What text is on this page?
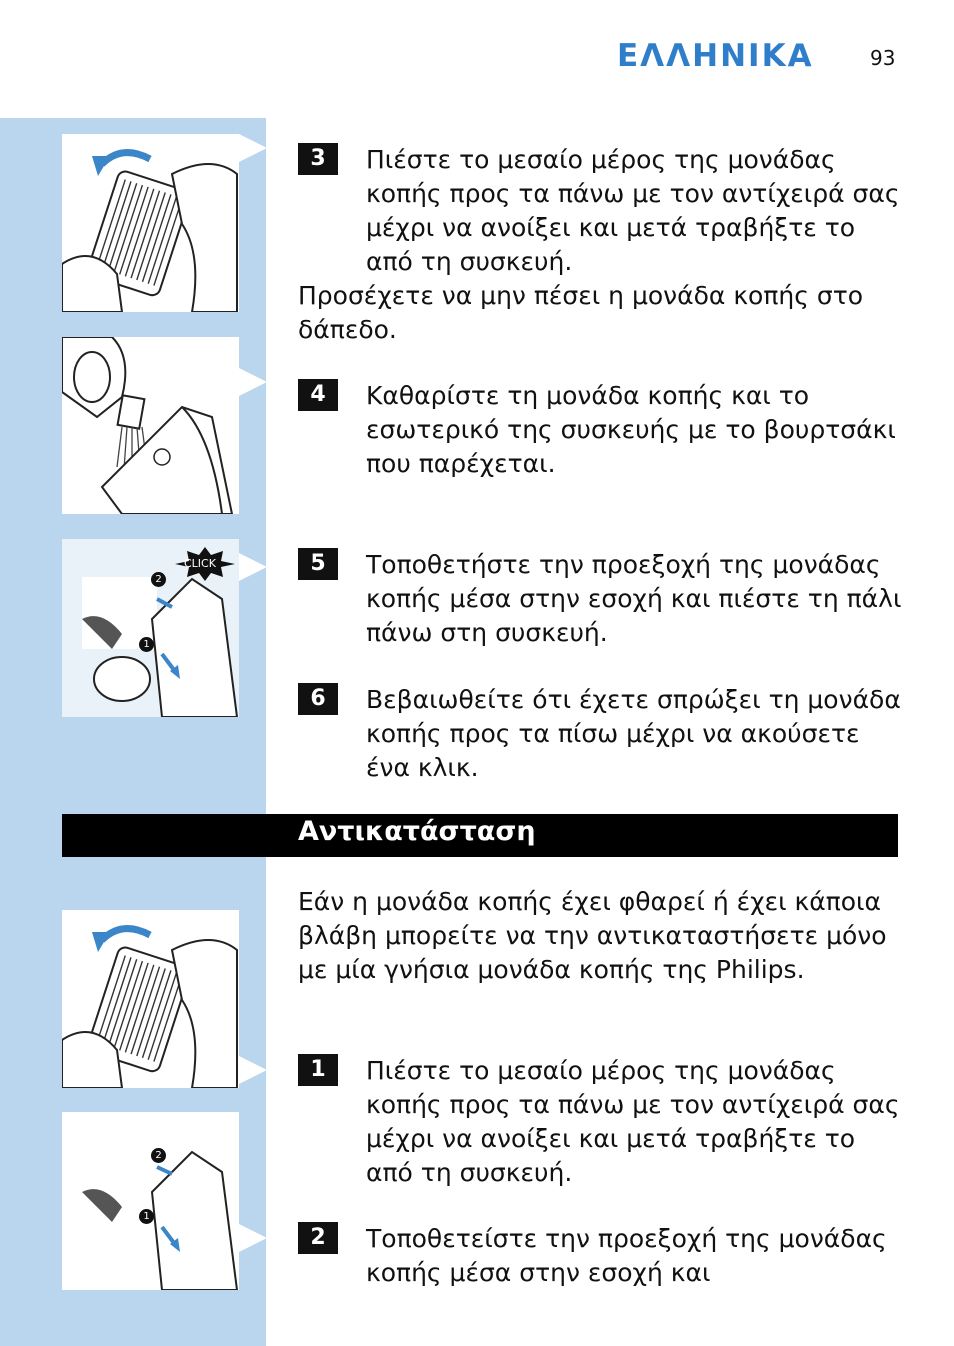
ΕΛΛΗΝΙΚΑ	93
CLICK
2
1
3	Πιέστε το μεσαίο μέρος της μονάδας κοπής προς τα πάνω με τον αντίχειρά σας μέχρι να ανοίξει και μετά τραβήξτε το από τη συσκευή.
Προσέχετε να μην πέσει η μονάδα κοπής στο δάπεδο.
4	Καθαρίστε τη μονάδα κοπής και το εσωτερικό της συσκευής με το βουρτσάκι που παρέχεται.
5	Τοποθετήστε την προεξοχή της μονάδας κοπής μέσα στην εσοχή και πιέστε τη πάλι πάνω στη συσκευή.
6	Βεβαιωθείτε ότι έχετε σπρώξει τη μονάδα κοπής προς τα πίσω μέχρι να ακούσετε ένα κλικ.
Αντικατάσταση
2
1
Εάν η μονάδα κοπής έχει φθαρεί ή έχει κάποια βλάβη μπορείτε να την αντικαταστήσετε μόνο με μία γνήσια μονάδα κοπής της Philips.
1	Πιέστε το μεσαίο μέρος της μονάδας κοπής προς τα πάνω με τον αντίχειρά σας μέχρι να ανοίξει και μετά τραβήξτε το από τη συσκευή.
2	Τοποθετείστε την προεξοχή της μονάδας κοπής μέσα στην εσοχή και
